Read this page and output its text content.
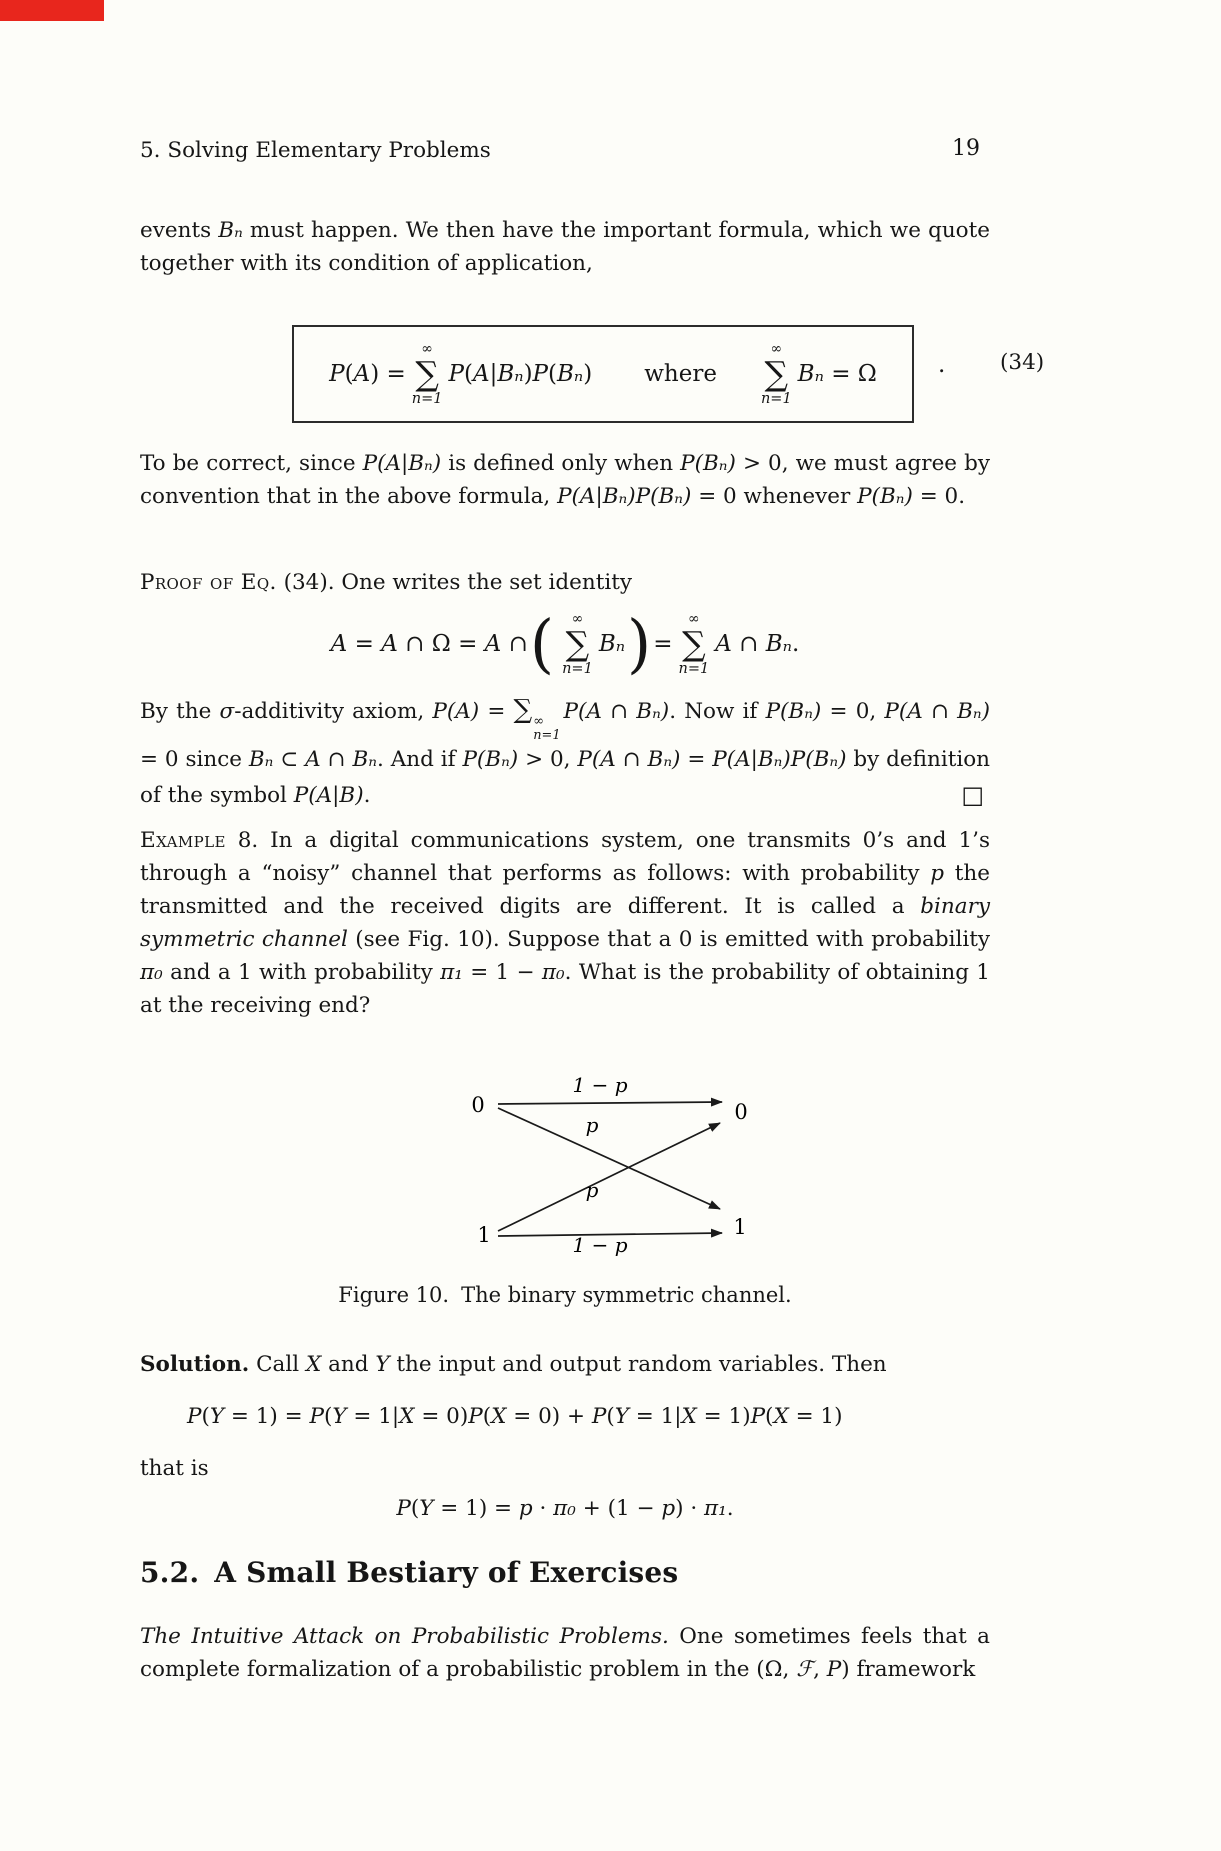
5. Solving Elementary Problems	19

events Bₙ must happen. We then have the important formula, which we quote together with its condition of application,

P(A) =
∞
∑
n=1
P(A|Bₙ)P(Bₙ) where
∞
∑
n=1
Bₙ = Ω	.	(34)

To be correct, since P(A|Bₙ) is defined only when P(Bₙ) > 0, we must agree by convention that in the above formula, P(A|Bₙ)P(Bₙ) = 0 whenever P(Bₙ) = 0.

Proof of Eq. (34). One writes the set identity

A = A ∩ Ω = A ∩ ( ∞
∑
n=1
Bₙ ) =
∞
∑
n=1
A ∩ Bₙ.

By the σ-additivity axiom, P(A) = ∑ ∞
n=1
P(A ∩ Bₙ). Now if P(Bₙ) = 0, P(A ∩ Bₙ) = 0 since Bₙ ⊂ A ∩ Bₙ. And if P(Bₙ) > 0, P(A ∩ Bₙ) = P(A|Bₙ)P(Bₙ) by definition of the symbol P(A|B).	□

Example 8. In a digital communications system, one transmits 0’s and 1’s through a “noisy” channel that performs as follows: with probability p the transmitted and the received digits are different. It is called a binary symmetric channel (see Fig. 10). Suppose that a 0 is emitted with probability π₀ and a 1 with probability π₁ = 1 − π₀. What is the probability of obtaining 1 at the receiving end?

0
1
0
1
1 − p
p
p
1 − p

Figure 10. The binary symmetric channel.

Solution. Call X and Y the input and output random variables. Then

P(Y = 1) = P(Y = 1|X = 0)P(X = 0) + P(Y = 1|X = 1)P(X = 1)

that is

P(Y = 1) = p · π₀ + (1 − p) · π₁.
5.2. A Small Bestiary of Exercises

The Intuitive Attack on Probabilistic Problems. One sometimes feels that a complete formalization of a probabilistic problem in the (Ω, ℱ, P) framework
